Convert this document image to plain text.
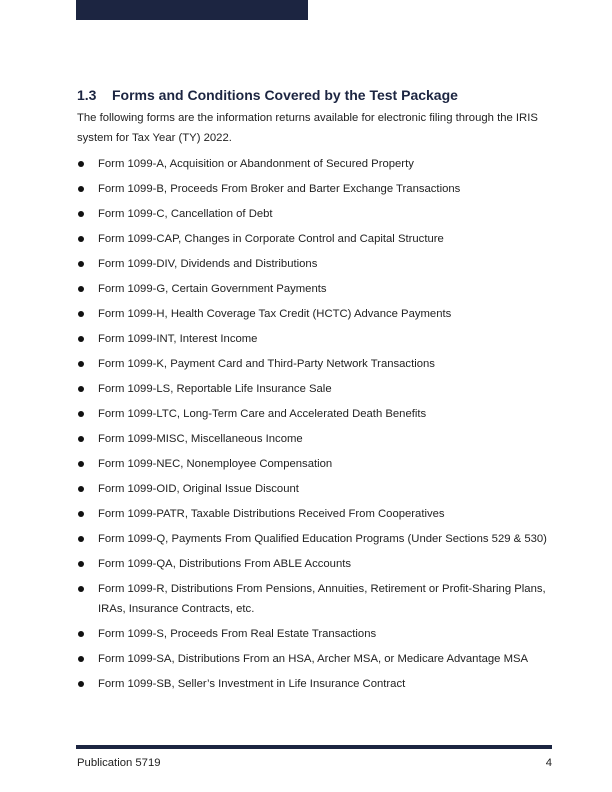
1.3	Forms and Conditions Covered by the Test Package

The following forms are the information returns available for electronic filing through the IRIS system for Tax Year (TY) 2022.

Form 1099-A, Acquisition or Abandonment of Secured Property
Form 1099-B, Proceeds From Broker and Barter Exchange Transactions
Form 1099-C, Cancellation of Debt
Form 1099-CAP, Changes in Corporate Control and Capital Structure
Form 1099-DIV, Dividends and Distributions
Form 1099-G, Certain Government Payments
Form 1099-H, Health Coverage Tax Credit (HCTC) Advance Payments
Form 1099-INT, Interest Income
Form 1099-K, Payment Card and Third-Party Network Transactions
Form 1099-LS, Reportable Life Insurance Sale
Form 1099-LTC, Long-Term Care and Accelerated Death Benefits
Form 1099-MISC, Miscellaneous Income
Form 1099-NEC, Nonemployee Compensation
Form 1099-OID, Original Issue Discount
Form 1099-PATR, Taxable Distributions Received From Cooperatives
Form 1099-Q, Payments From Qualified Education Programs (Under Sections 529 & 530)
Form 1099-QA, Distributions From ABLE Accounts
Form 1099-R, Distributions From Pensions, Annuities, Retirement or Profit-Sharing Plans, IRAs, Insurance Contracts, etc.
Form 1099-S, Proceeds From Real Estate Transactions
Form 1099-SA, Distributions From an HSA, Archer MSA, or Medicare Advantage MSA
Form 1099-SB, Seller’s Investment in Life Insurance Contract
Publication 5719	4
